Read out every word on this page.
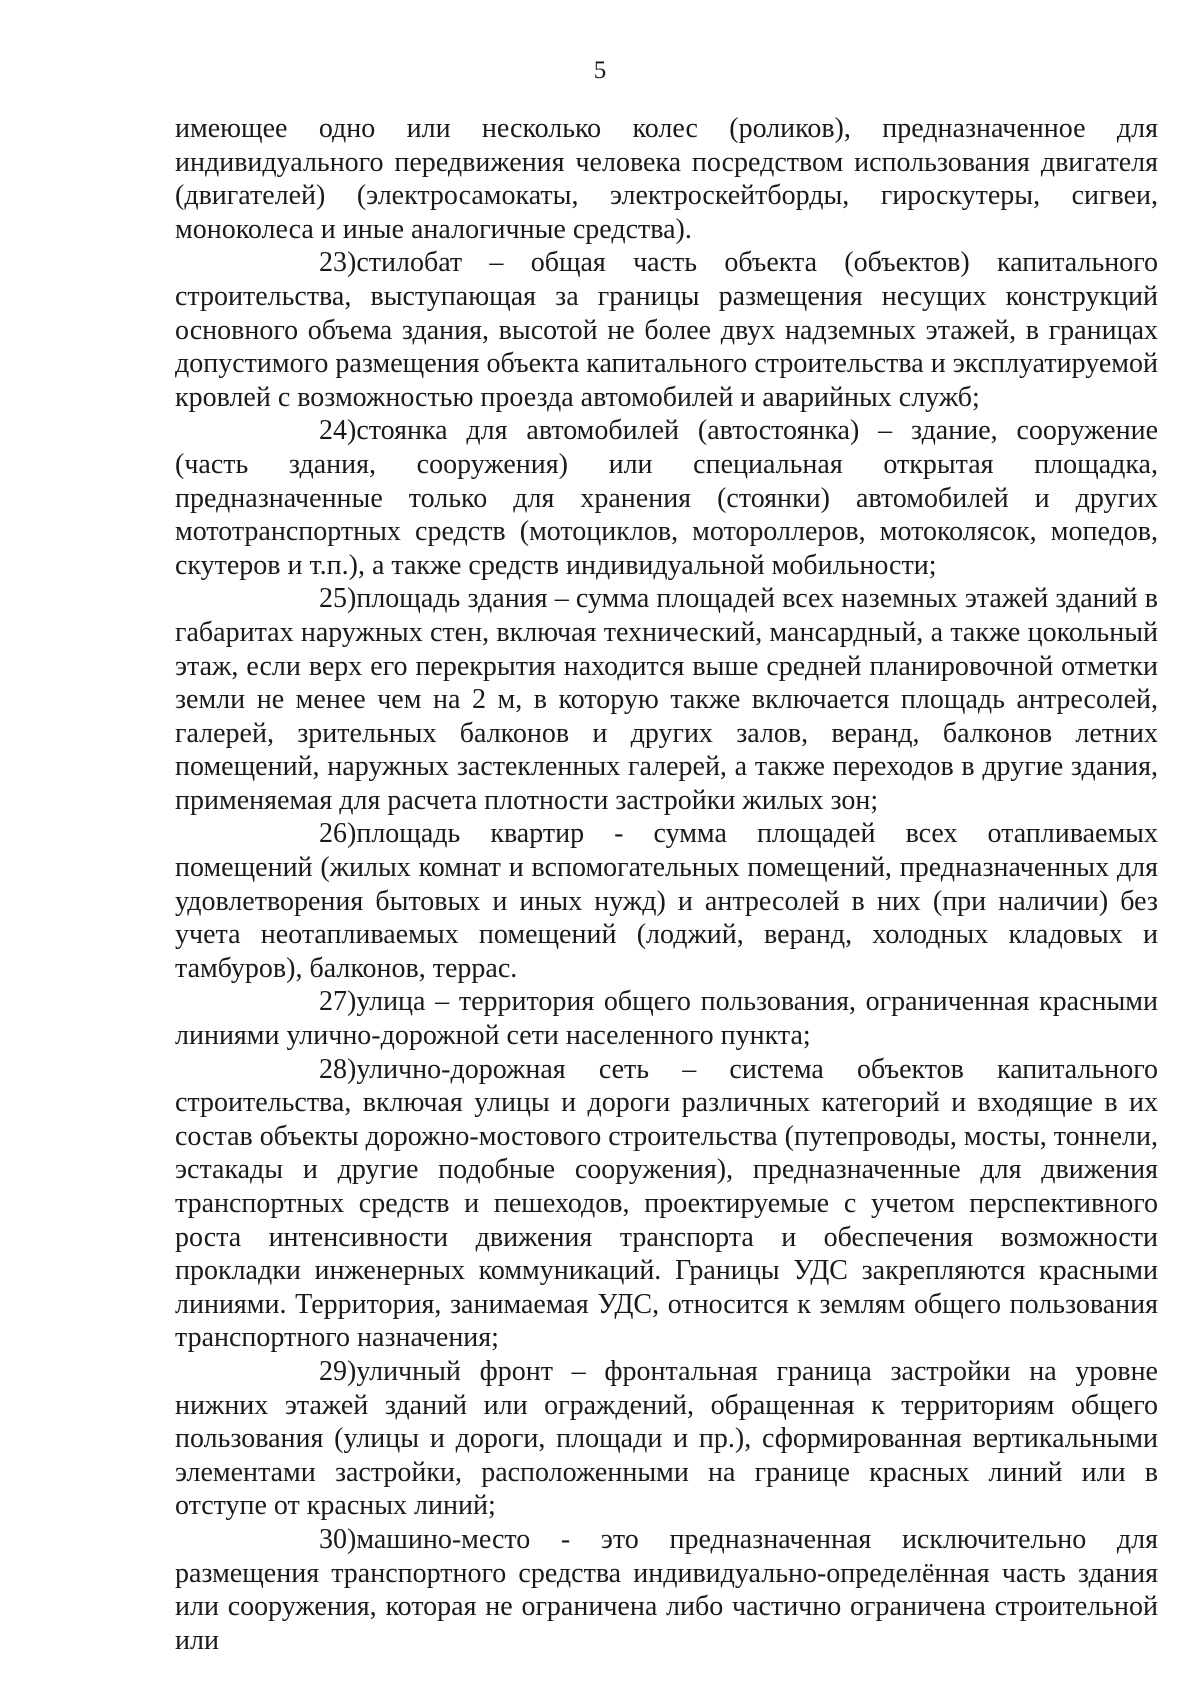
5

имеющее одно или несколько колес (роликов), предназначенное для индивидуального передвижения человека посредством использования двигателя (двигателей) (электросамокаты, электроскейтборды, гироскутеры, сигвеи, моноколеса и иные аналогичные средства).

23)стилобат – общая часть объекта (объектов) капитального строительства, выступающая за границы размещения несущих конструкций основного объема здания, высотой не более двух надземных этажей, в границах допустимого размещения объекта капитального строительства и эксплуатируемой кровлей с возможностью проезда автомобилей и аварийных служб;

24)стоянка для автомобилей (автостоянка) – здание, сооружение (часть здания, сооружения) или специальная открытая площадка, предназначенные только для хранения (стоянки) автомобилей и других мототранспортных средств (мотоциклов, мотороллеров, мотоколясок, мопедов, скутеров и т.п.), а также средств индивидуальной мобильности;

25)площадь здания – сумма площадей всех наземных этажей зданий в габаритах наружных стен, включая технический, мансардный, а также цокольный этаж, если верх его перекрытия находится выше средней планировочной отметки земли не менее чем на 2 м, в которую также включается площадь антресолей, галерей, зрительных балконов и других залов, веранд, балконов летних помещений, наружных застекленных галерей, а также переходов в другие здания, применяемая для расчета плотности застройки жилых зон;

26)площадь квартир - сумма площадей всех отапливаемых помещений (жилых комнат и вспомогательных помещений, предназначенных для удовлетворения бытовых и иных нужд) и антресолей в них (при наличии) без учета неотапливаемых помещений (лоджий, веранд, холодных кладовых и тамбуров), балконов, террас.

27)улица – территория общего пользования, ограниченная красными линиями улично-дорожной сети населенного пункта;

28)улично-дорожная сеть – система объектов капитального строительства, включая улицы и дороги различных категорий и входящие в их состав объекты дорожно-мостового строительства (путепроводы, мосты, тоннели, эстакады и другие подобные сооружения), предназначенные для движения транспортных средств и пешеходов, проектируемые с учетом перспективного роста интенсивности движения транспорта и обеспечения возможности прокладки инженерных коммуникаций. Границы УДС закрепляются красными линиями. Территория, занимаемая УДС, относится к землям общего пользования транспортного назначения;

29)уличный фронт – фронтальная граница застройки на уровне нижних этажей зданий или ограждений, обращенная к территориям общего пользования (улицы и дороги, площади и пр.), сформированная вертикальными элементами застройки, расположенными на границе красных линий или в отступе от красных линий;

30)машино-место - это предназначенная исключительно для размещения транспортного средства индивидуально-определённая часть здания или сооружения, которая не ограничена либо частично ограничена строительной или
